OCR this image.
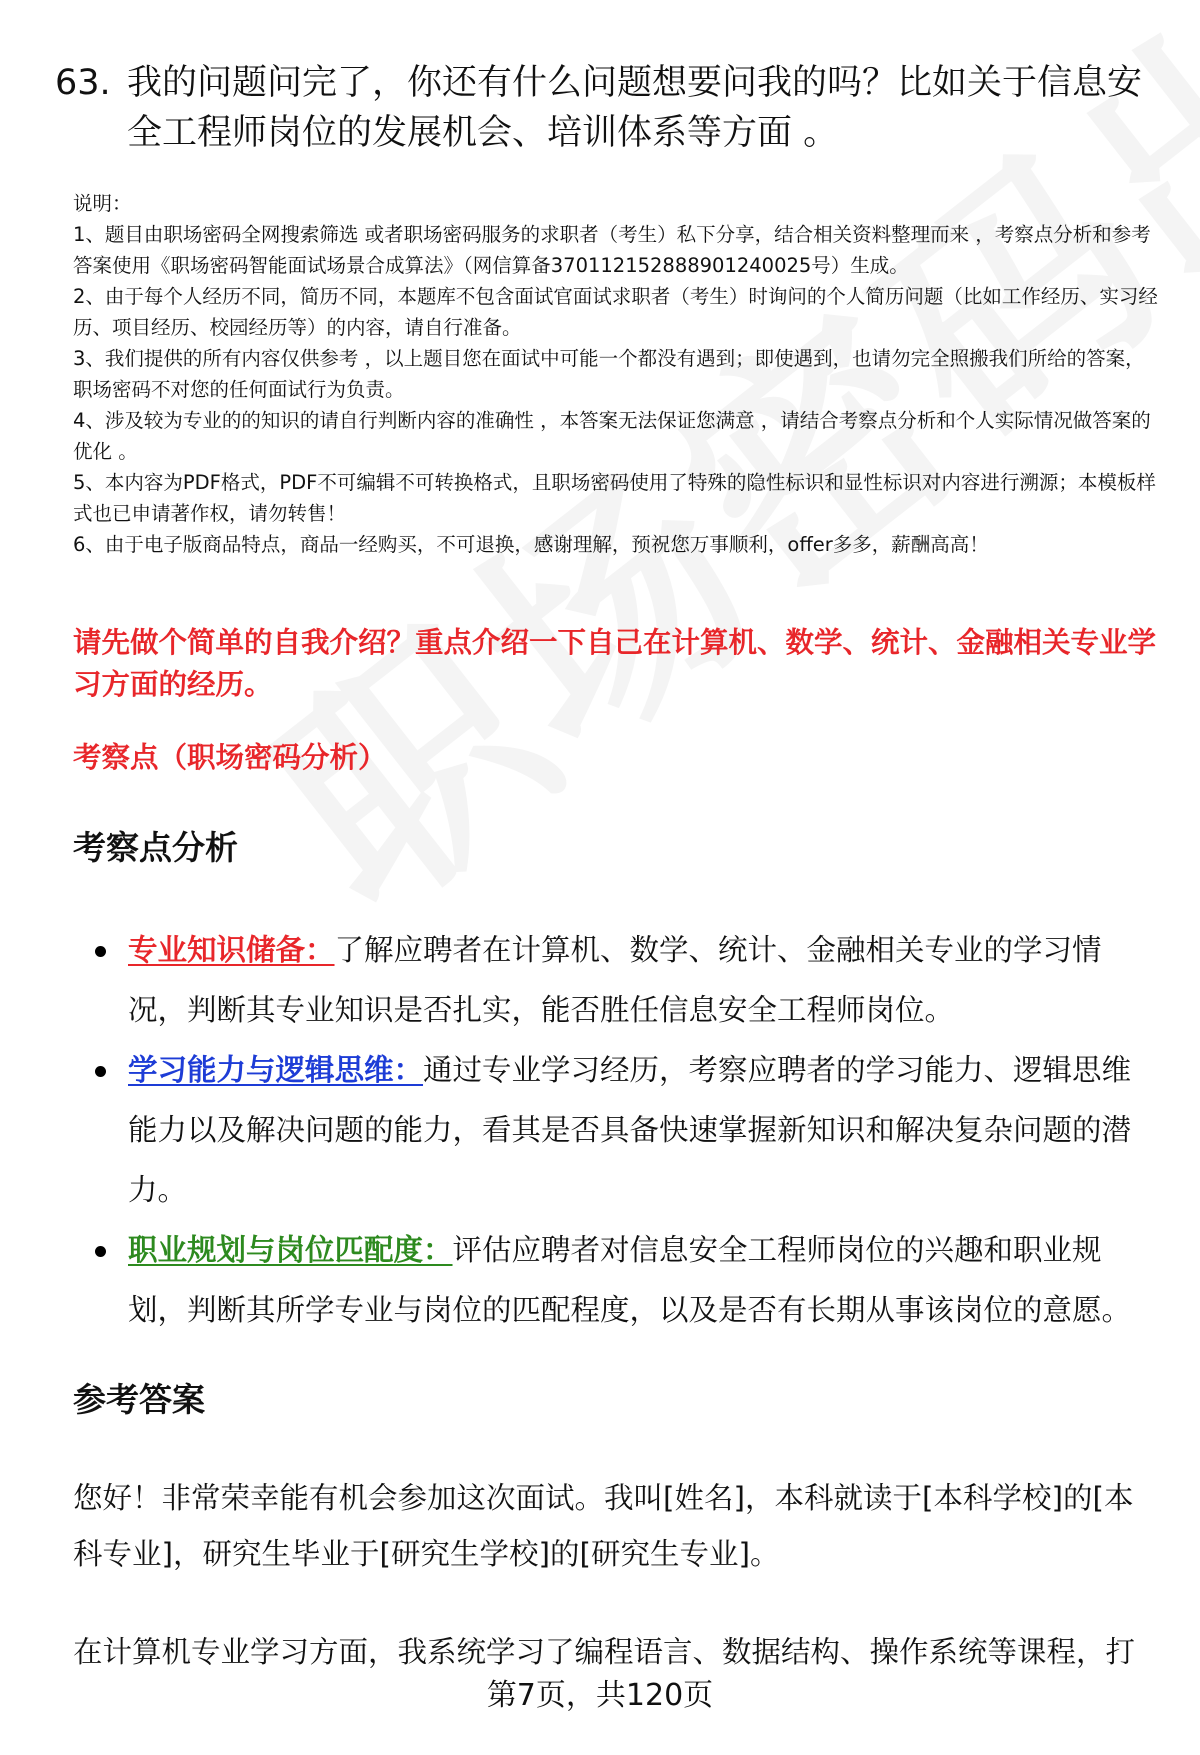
63. 我的问题问完了，你还有什么问题想要问我的吗？比如关于信息安全工程师岗位的发展机会、培训体系等方面 。

说明：

1、题目由职场密码全网搜索筛选 或者职场密码服务的求职者（考生）私下分享，结合相关资料整理而来 ，考察点分析和参考答案使用《职场密码智能面试场景合成算法》（网信算备370112152888901240025号）生成。

2、由于每个人经历不同，简历不同，本题库不包含面试官面试求职者（考生）时询问的个人简历问题（比如工作经历、实习经历、项目经历、校园经历等）的内容，请自行准备。

3、我们提供的所有内容仅供参考 ，以上题目您在面试中可能一个都没有遇到；即使遇到，也请勿完全照搬我们所给的答案，职场密码不对您的任何面试行为负责。

4、涉及较为专业的的知识的请自行判断内容的准确性 ，本答案无法保证您满意 ，请结合考察点分析和个人实际情况做答案的优化 。

5、本内容为PDF格式，PDF不可编辑不可转换格式，且职场密码使用了特殊的隐性标识和显性标识对内容进行溯源；本模板样式也已申请著作权，请勿转售！

6、由于电子版商品特点，商品一经购买，不可退换，感谢理解，预祝您万事顺利，offer多多，薪酬高高！

请先做个简单的自我介绍？重点介绍一下自己在计算机、数学、统计、金融相关专业学习方面的经历。
考察点（职场密码分析）
考察点分析
专业知识储备：了解应聘者在计算机、数学、统计、金融相关专业的学习情况，判断其专业知识是否扎实，能否胜任信息安全工程师岗位。
学习能力与逻辑思维：通过专业学习经历，考察应聘者的学习能力、逻辑思维能力以及解决问题的能力，看其是否具备快速掌握新知识和解决复杂问题的潜力。
职业规划与岗位匹配度：评估应聘者对信息安全工程师岗位的兴趣和职业规划，判断其所学专业与岗位的匹配程度，以及是否有长期从事该岗位的意愿。
参考答案

您好！非常荣幸能有机会参加这次面试。我叫[姓名]，本科就读于[本科学校]的[本科专业]，研究生毕业于[研究生学校]的[研究生专业]。

在计算机专业学习方面，我系统学习了编程语言、数据结构、操作系统等课程，打

第7页，共120页
